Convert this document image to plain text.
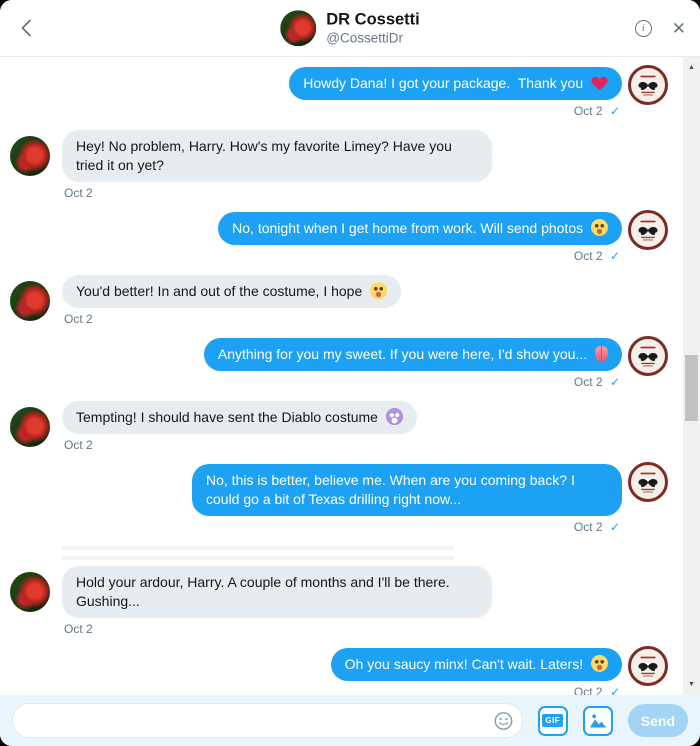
DR Cossetti
@CossettiDr
i	✕
Howdy Dana! I got your package.  Thank you
Oct 2 ✓
Hey! No problem, Harry. How's my favorite Limey? Have you tried it on yet?
Oct 2
No, tonight when I get home from work. Will send photos
Oct 2 ✓
You'd better! In and out of the costume, I hope
Oct 2
Anything for you my sweet. If you were here, I'd show you...
Oct 2 ✓
Tempting! I should have sent the Diablo costume
Oct 2
No, this is better, believe me. When are you coming back? I could go a bit of Texas drilling right now...
Oct 2 ✓
Hold your ardour, Harry. A couple of months and I'll be there. Gushing...
Oct 2
Oh you saucy minx! Can't wait. Laters!
Oct 2 ✓
▲
▼
GIF	Send
